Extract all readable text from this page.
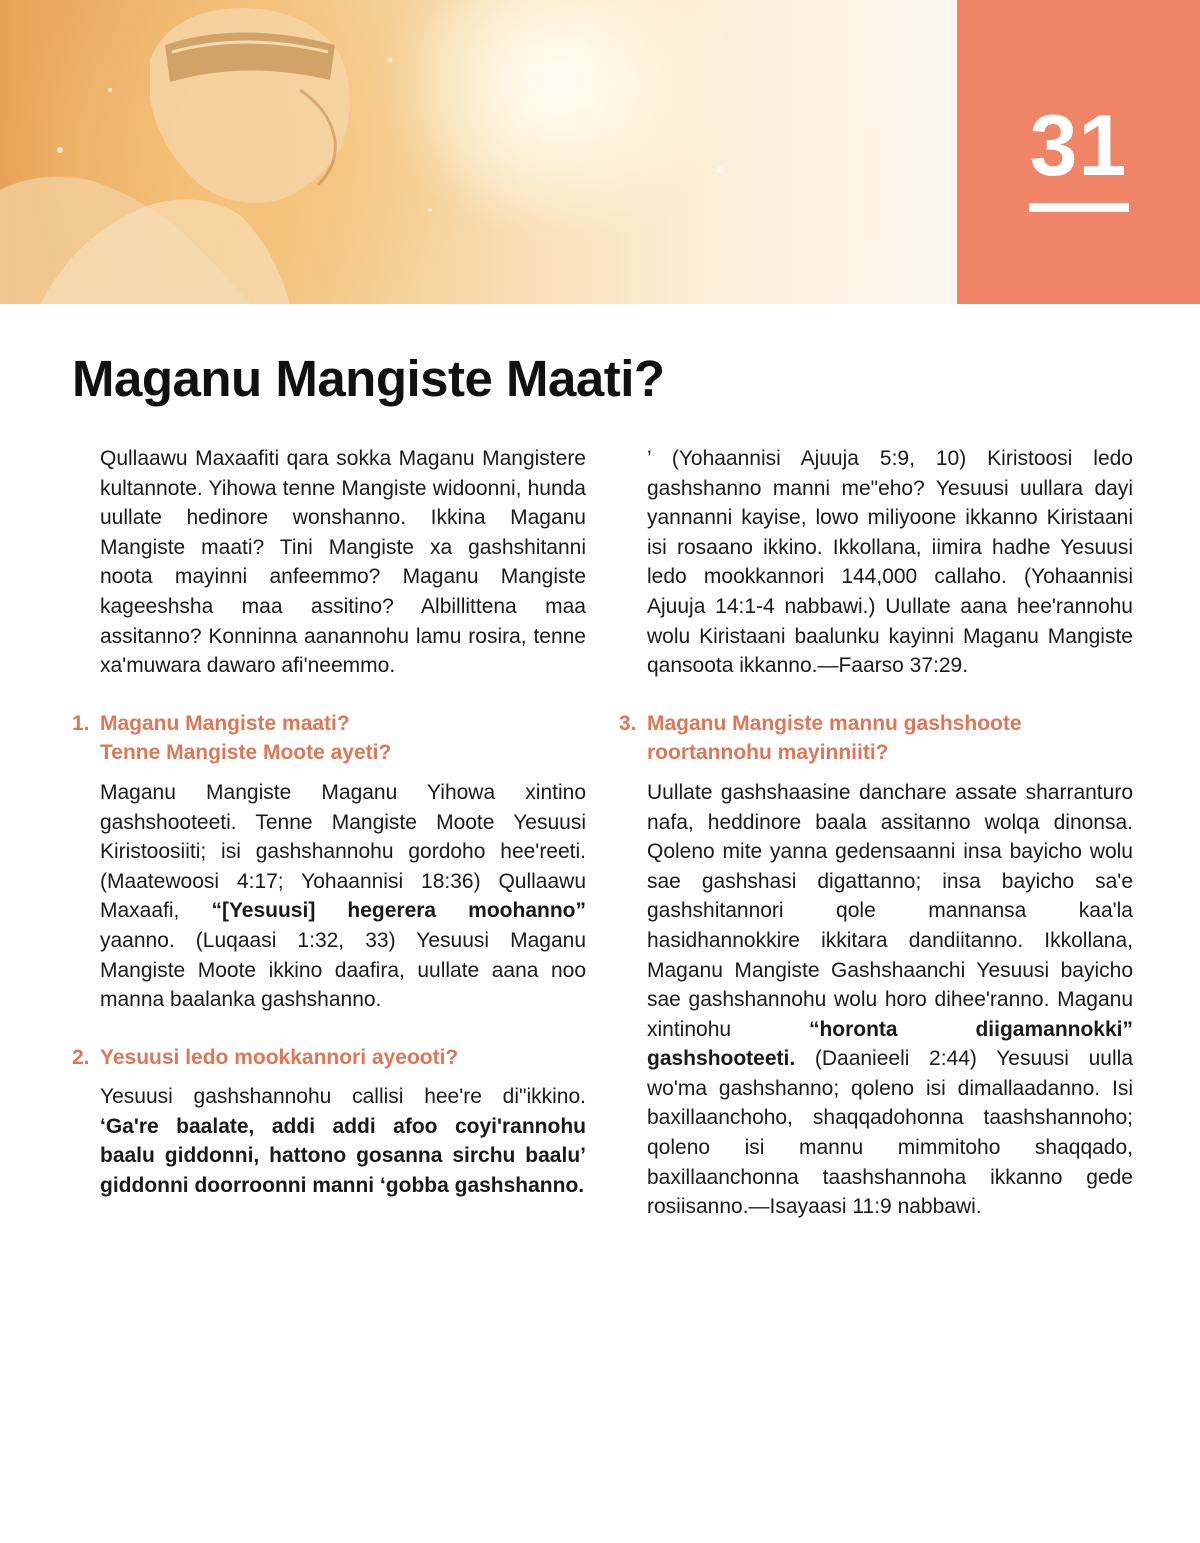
31
Maganu Mangiste Maati?

Qullaawu Maxaafiti qara sokka Maganu Mangistere kultannote. Yihowa tenne Mangiste widoonni, hunda uullate hedinore wonshanno. Ikkina Maganu Mangiste maati? Tini Mangiste xa gashshitanni noota mayinni anfeemmo? Maganu Mangiste kageeshsha maa assitino? Albillittena maa assitanno? Konninna aanannohu lamu rosira, tenne xa'muwara dawaro afi'neemmo.

1. Maganu Mangiste maati?
Tenne Mangiste Moote ayeti?

Maganu Mangiste Maganu Yihowa xintino gashshooteeti. Tenne Mangiste Moote Yesuusi Kiristoosiiti; isi gashshannohu gordoho hee'reeti. (Maatewoosi 4:17; Yohaannisi 18:36) Qullaawu Maxaafi, “[Yesuusi] hegerera moohanno” yaanno. (Luqaasi 1:32, 33) Yesuusi Maganu Mangiste Moote ikkino daafira, uullate aana noo manna baalanka gashshanno.

2. Yesuusi ledo mookkannori ayeooti?

Yesuusi gashshannohu callisi hee're di"ikkino. ‘Ga're baalate, addi addi afoo coyi'rannohu baalu giddonni, hattono gosanna sirchu baalu’ giddonni doorroonni manni ‘gobba gashshanno.

’ (Yohaannisi Ajuuja 5:9, 10) Kiristoosi ledo gashshanno manni me"eho? Yesuusi uullara dayi yannanni kayise, lowo miliyoone ikkanno Kiristaani isi rosaano ikkino. Ikkollana, iimira hadhe Yesuusi ledo mookkannori 144,000 callaho. (Yohaannisi Ajuuja 14:1-4 nabbawi.) Uullate aana hee'rannohu wolu Kiristaani baalunku kayinni Maganu Mangiste qansoota ikkanno.—Faarso 37:29.

3. Maganu Mangiste mannu gashshoote
roortannohu mayinniiti?

Uullate gashshaasine danchare assate sharranturo nafa, heddinore baala assitanno wolqa dinonsa. Qoleno mite yanna gedensaanni insa bayicho wolu sae gashshasi digattanno; insa bayicho sa'e gashshitannori qole mannansa kaa'la hasidhannokkire ikkitara dandiitanno. Ikkollana, Maganu Mangiste Gashshaanchi Yesuusi bayicho sae gashshannohu wolu horo dihee'ranno. Maganu xintinohu “horonta diigamannokki” gashshooteeti. (Daanieeli 2:44) Yesuusi uulla wo'ma gashshanno; qoleno isi dimallaadanno. Isi baxillaanchoho, shaqqadohonna taashshannoho; qoleno isi mannu mimmitoho shaqqado, baxillaanchonna taashshannoha ikkanno gede rosiisanno.—Isayaasi 11:9 nabbawi.
